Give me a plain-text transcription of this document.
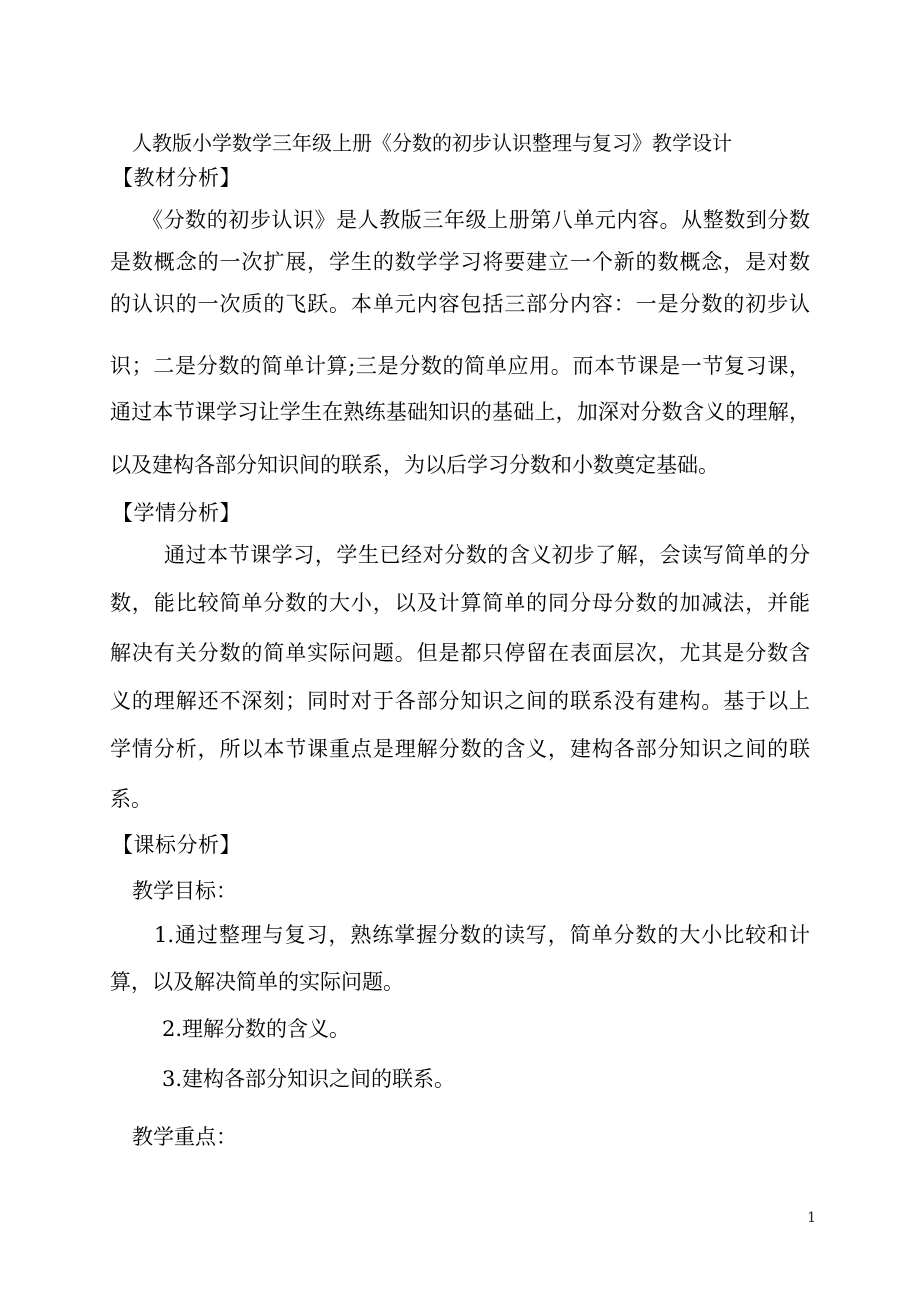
人教版小学数学三年级上册《分数的初步认识整理与复习》教学设计
【教材分析】
《分数的初步认识》是人教版三年级上册第八单元内容。从整数到分数
是数概念的一次扩展，学生的数学学习将要建立一个新的数概念，是对数
的认识的一次质的飞跃。本单元内容包括三部分内容：一是分数的初步认
识；二是分数的简单计算;三是分数的简单应用。而本节课是一节复习课，
通过本节课学习让学生在熟练基础知识的基础上，加深对分数含义的理解，
以及建构各部分知识间的联系，为以后学习分数和小数奠定基础。
【学情分析】
通过本节课学习，学生已经对分数的含义初步了解，会读写简单的分
数，能比较简单分数的大小，以及计算简单的同分母分数的加减法，并能
解决有关分数的简单实际问题。但是都只停留在表面层次，尤其是分数含
义的理解还不深刻；同时对于各部分知识之间的联系没有建构。基于以上
学情分析，所以本节课重点是理解分数的含义，建构各部分知识之间的联
系。
【课标分析】
教学目标：
1.通过整理与复习，熟练掌握分数的读写，简单分数的大小比较和计
算，以及解决简单的实际问题。
2.理解分数的含义。
3.建构各部分知识之间的联系。
教学重点：
1
